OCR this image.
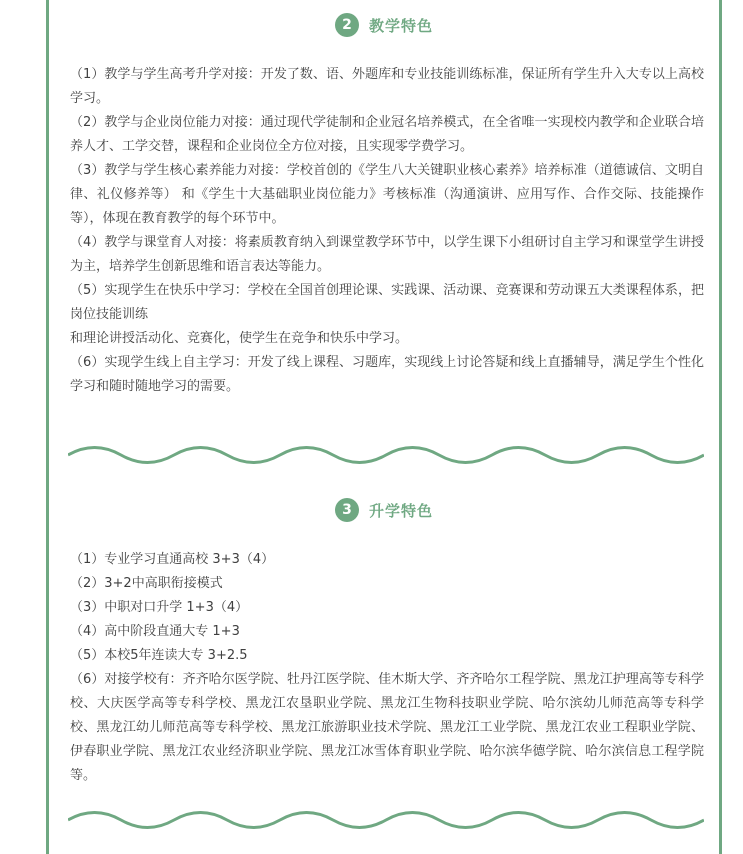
2	教学特色

（1）教学与学生高考升学对接：开发了数、语、外题库和专业技能训练标准，保证所有学生升入大专以上高校学习。

（2）教学与企业岗位能力对接：通过现代学徒制和企业冠名培养模式，在全省唯一实现校内教学和企业联合培养人才、工学交替，课程和企业岗位全方位对接，且实现零学费学习。

（3）教学与学生核心素养能力对接：学校首创的《学生八大关键职业核心素养》培养标准（道德诚信、文明自律、礼仪修养等） 和《学生十大基础职业岗位能力》考核标准（沟通演讲、应用写作、合作交际、技能操作等），体现在教育教学的每个环节中。

（4）教学与课堂育人对接：将素质教育纳入到课堂教学环节中，以学生课下小组研讨自主学习和课堂学生讲授为主，培养学生创新思维和语言表达等能力。

（5）实现学生在快乐中学习：学校在全国首创理论课、实践课、活动课、竞赛课和劳动课五大类课程体系，把岗位技能训练

和理论讲授活动化、竞赛化，使学生在竞争和快乐中学习。

（6）实现学生线上自主学习：开发了线上课程、习题库，实现线上讨论答疑和线上直播辅导，满足学生个性化学习和随时随地学习的需要。

3	升学特色

（1）专业学习直通高校 3+3（4）

（2）3+2中高职衔接模式

（3）中职对口升学 1+3（4）

（4）高中阶段直通大专 1+3

（5）本校5年连读大专 3+2.5

（6）对接学校有：齐齐哈尔医学院、牡丹江医学院、佳木斯大学、齐齐哈尔工程学院、黑龙江护理高等专科学校、大庆医学高等专科学校、黑龙江农垦职业学院、黑龙江生物科技职业学院、哈尔滨幼儿师范高等专科学校、黑龙江幼儿师范高等专科学校、黑龙江旅游职业技术学院、黑龙江工业学院、黑龙江农业工程职业学院、伊春职业学院、黑龙江农业经济职业学院、黑龙江冰雪体育职业学院、哈尔滨华德学院、哈尔滨信息工程学院等。
